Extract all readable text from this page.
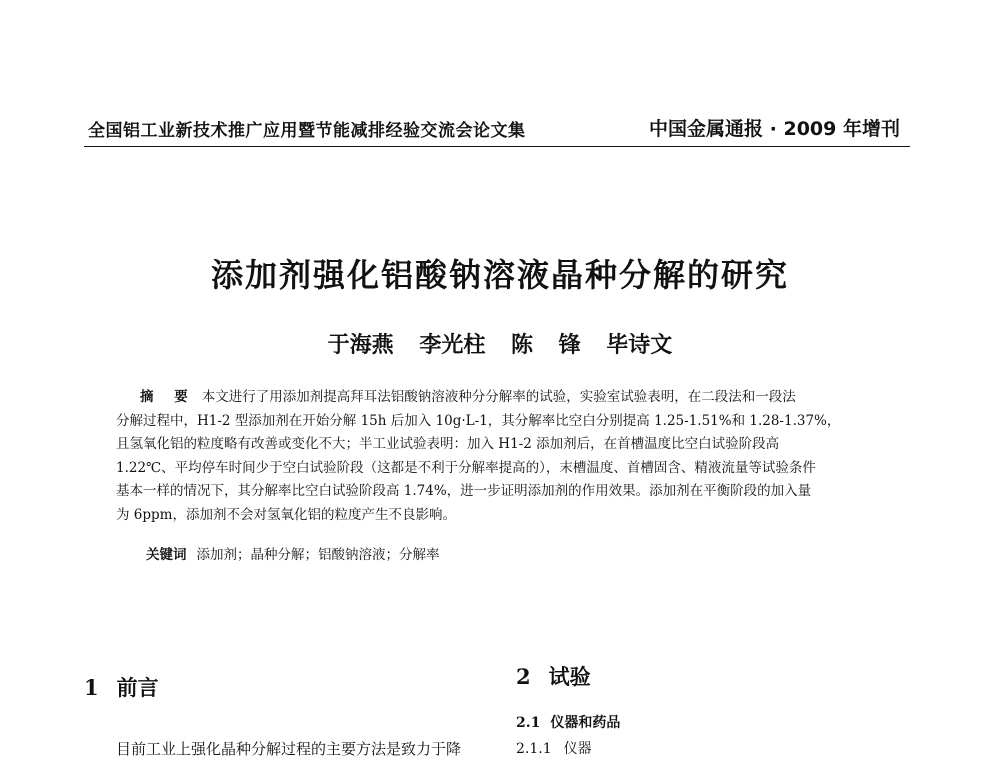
全国铝工业新技术推广应用暨节能减排经验交流会论文集	中国金属通报 · 2009 年增刊
添加剂强化铝酸钠溶液晶种分解的研究
于海燕 李光柱 陈 锋 毕诗文
摘 要 本文进行了用添加剂提高拜耳法铝酸钠溶液种分分解率的试验，实验室试验表明，在二段法和一段法
分解过程中，H1-2 型添加剂在开始分解 15h 后加入 10g·L-1，其分解率比空白分别提高 1.25-1.51%和 1.28-1.37%，
且氢氧化铝的粒度略有改善或变化不大；半工业试验表明：加入 H1-2 添加剂后，在首槽温度比空白试验阶段高
1.22℃、平均停车时间少于空白试验阶段（这都是不利于分解率提高的），末槽温度、首槽固含、精液流量等试验条件
基本一样的情况下，其分解率比空白试验阶段高 1.74%，进一步证明添加剂的作用效果。添加剂在平衡阶段的加入量
为 6ppm，添加剂不会对氢氧化铝的粒度产生不良影响。
关键词 添加剂；晶种分解；铝酸钠溶液；分解率
1 前言
目前工业上强化晶种分解过程的主要方法是致力于降
2 试验
2.1 仪器和药品
2.1.1 仪器
